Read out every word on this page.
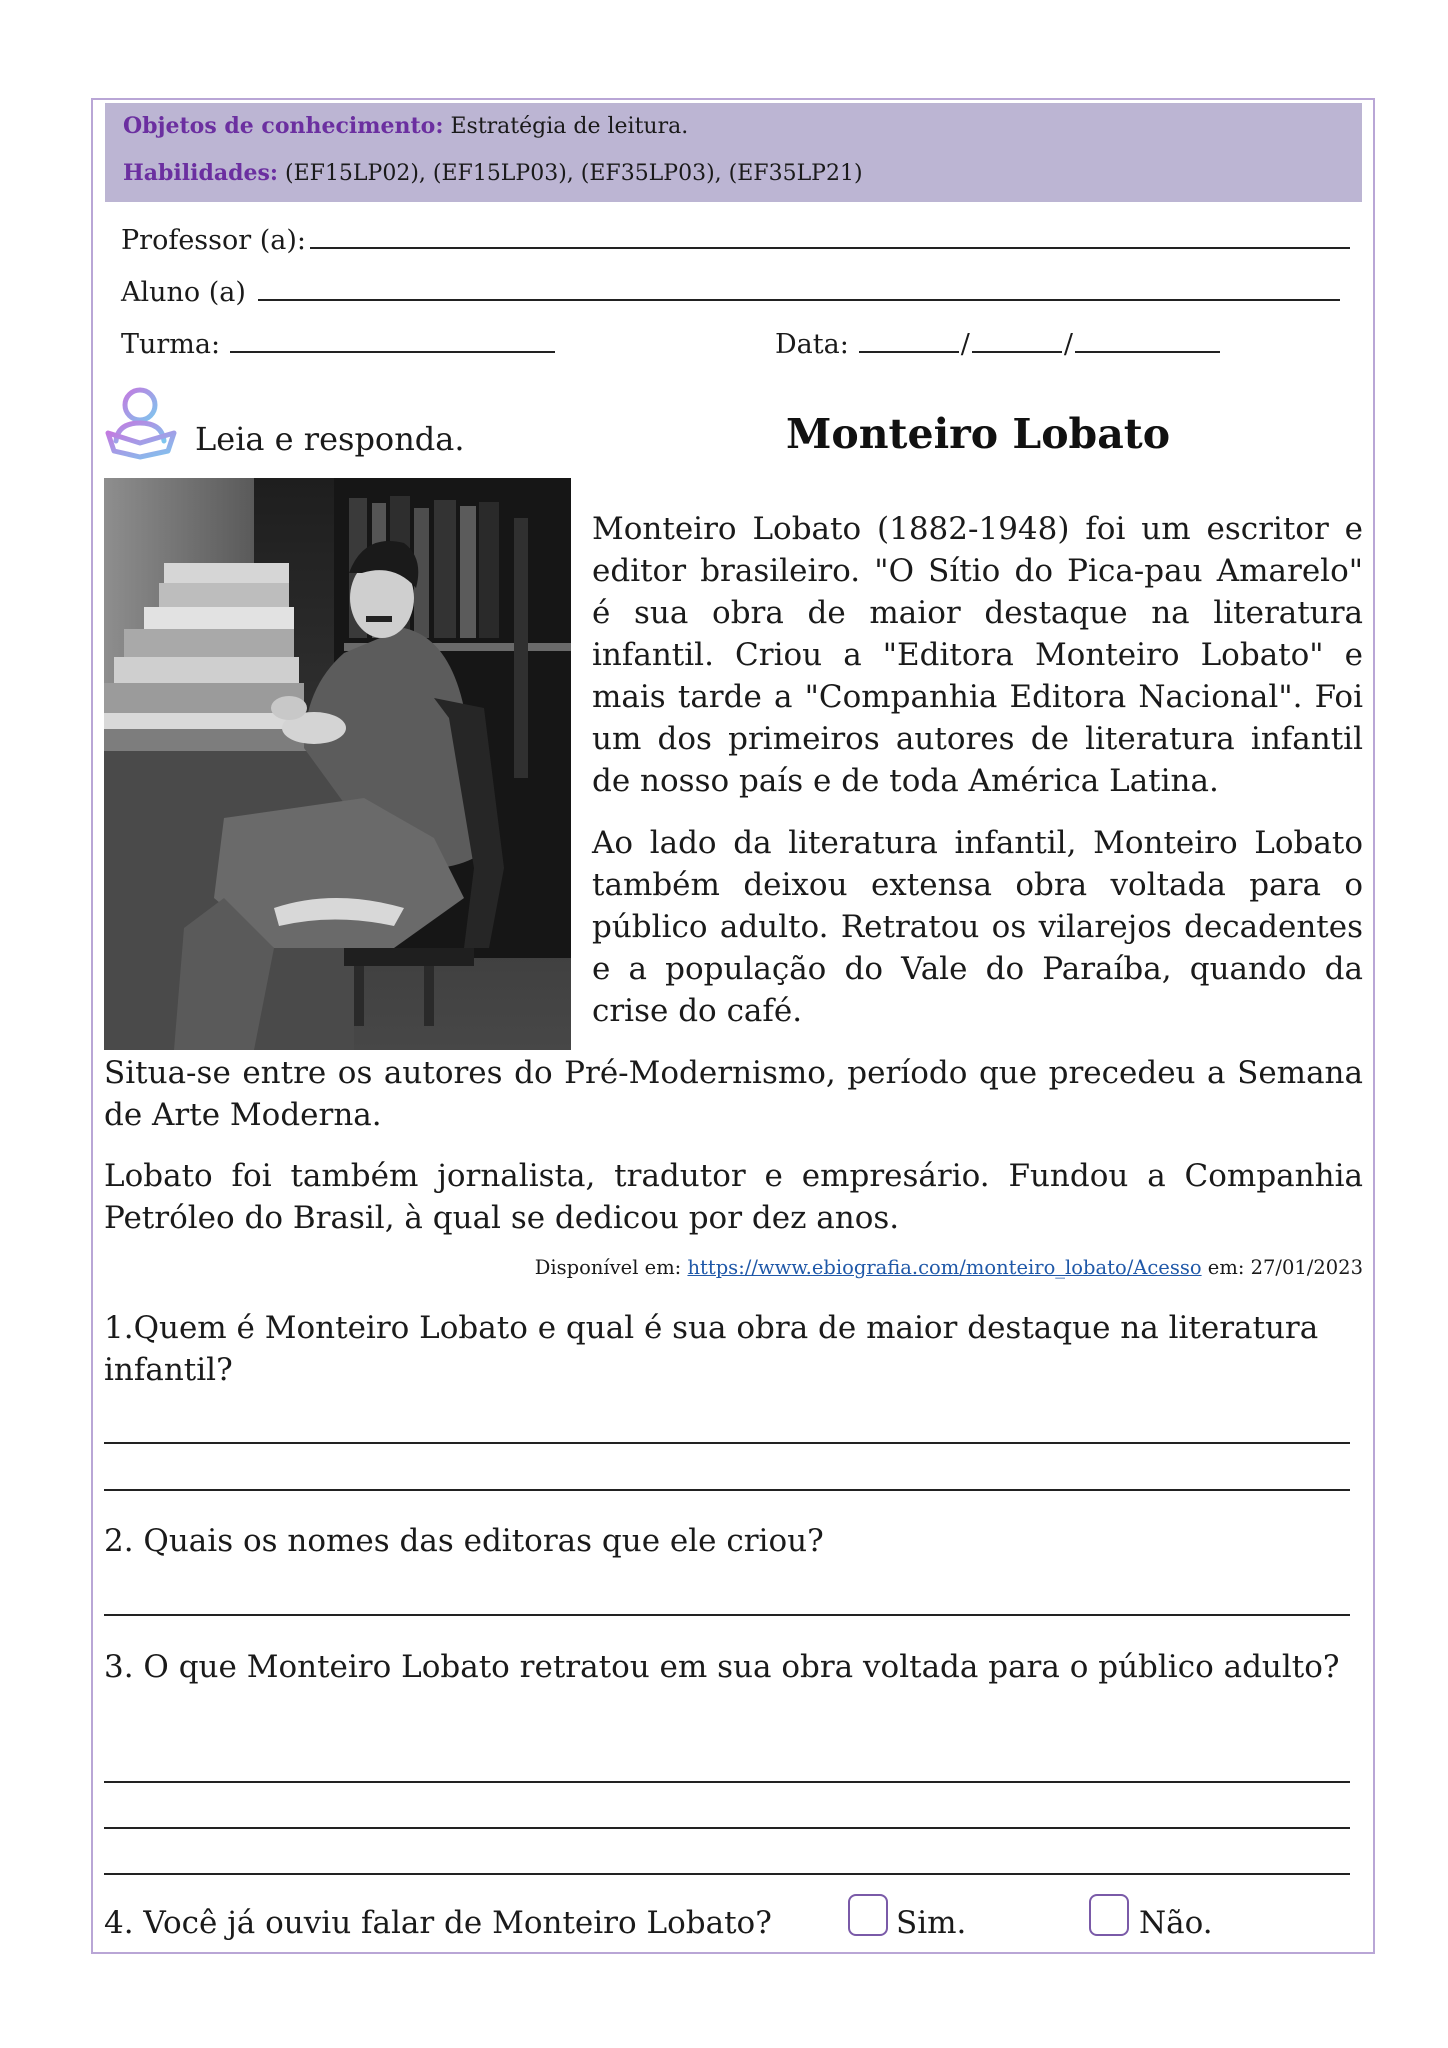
Objetos de conhecimento: Estratégia de leitura.
Habilidades: (EF15LP02), (EF15LP03), (EF35LP03), (EF35LP21)
Professor (a):
Aluno (a)
Turma:	Data:	/	/
Leia e responda.	Monteiro Lobato
Monteiro Lobato (1882-1948) foi um escritor e editor brasileiro. "O Sítio do Pica-pau Amarelo" é sua obra de maior destaque na literatura infantil. Criou a "Editora Monteiro Lobato" e mais tarde a "Companhia Editora Nacional". Foi um dos primeiros autores de literatura infantil de nosso país e de toda América Latina.
Ao lado da literatura infantil, Monteiro Lobato também deixou extensa obra voltada para o público adulto. Retratou os vilarejos decadentes e a população do Vale do Paraíba, quando da crise do café.
Situa-se entre os autores do Pré-Modernismo, período que precedeu a Semana de Arte Moderna.
Lobato foi também jornalista, tradutor e empresário. Fundou a Companhia Petróleo do Brasil, à qual se dedicou por dez anos.
Disponível em: https://www.ebiografia.com/monteiro_lobato/Acesso em: 27/01/2023
1.Quem é Monteiro Lobato e qual é sua obra de maior destaque na literatura infantil?
2. Quais os nomes das editoras que ele criou?
3. O que Monteiro Lobato retratou em sua obra voltada para o público adulto?
4. Você já ouviu falar de Monteiro Lobato?	Sim.	Não.
